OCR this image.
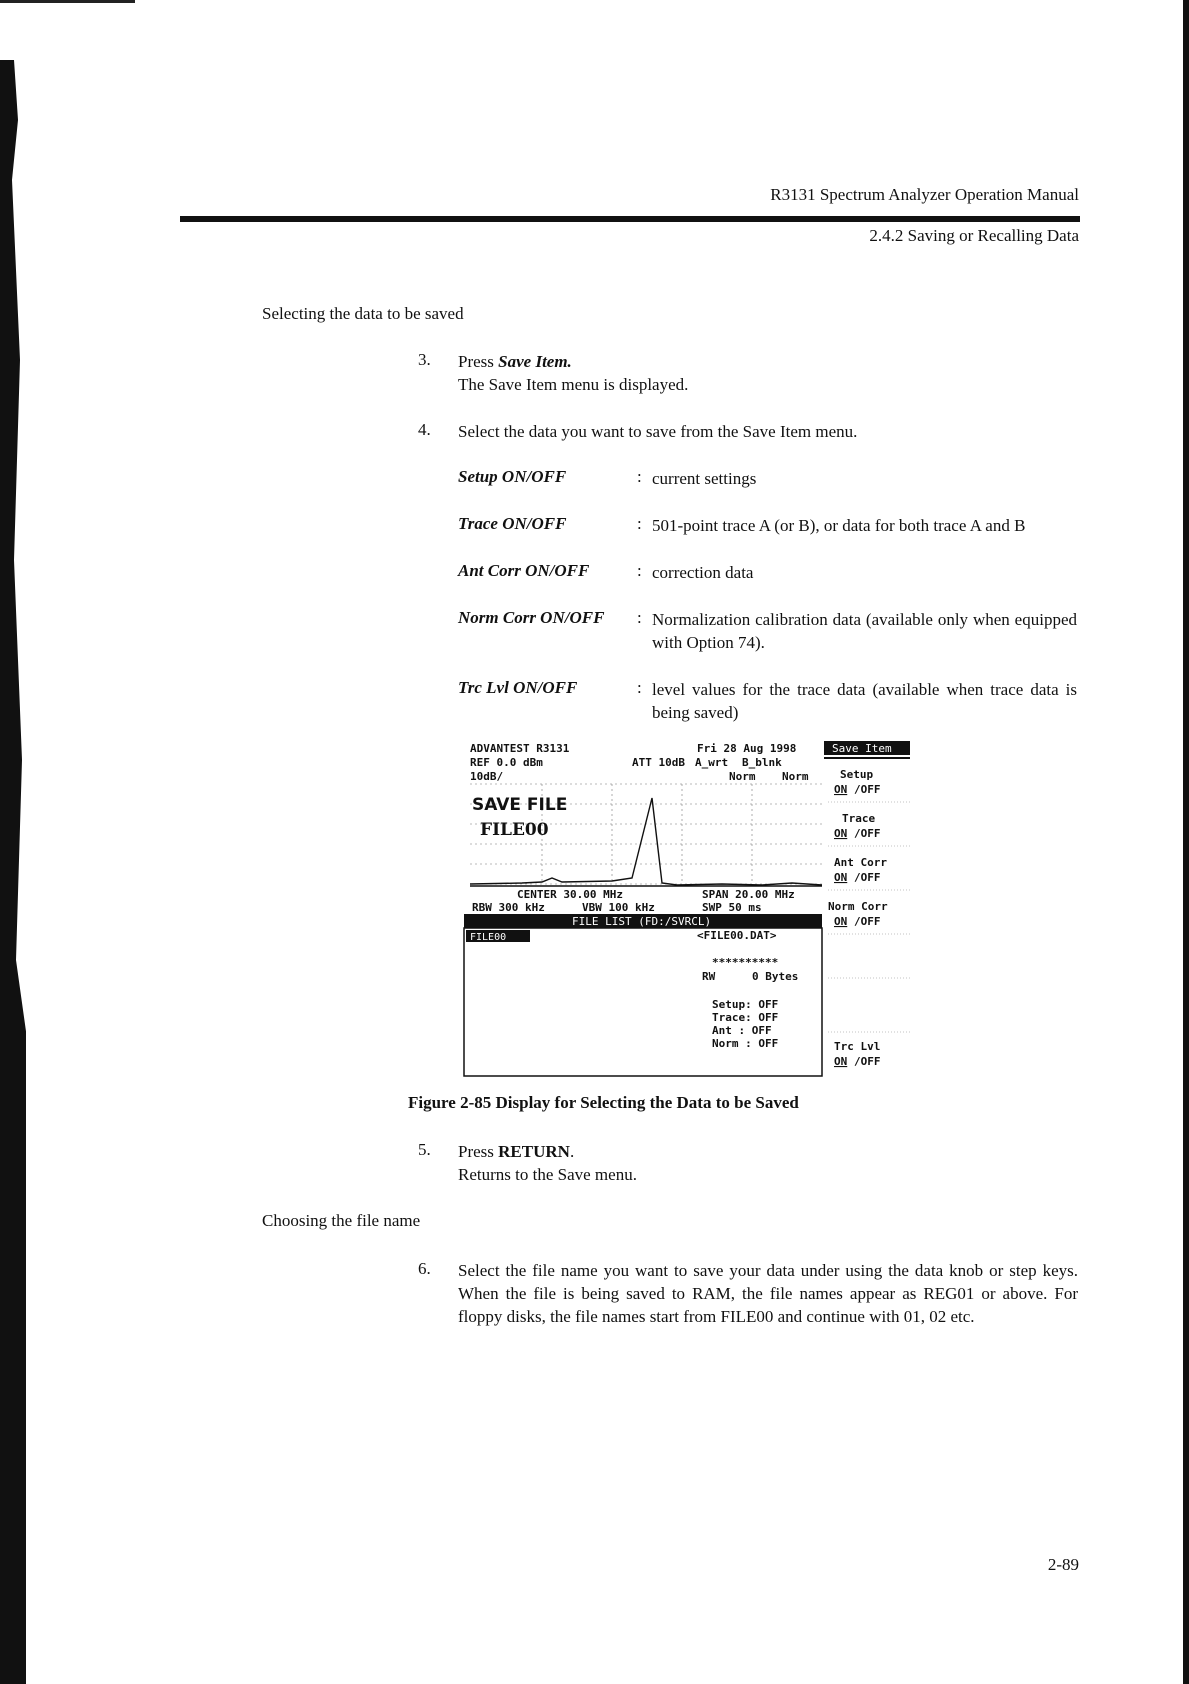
R3131 Spectrum Analyzer Operation Manual
2.4.2 Saving or Recalling Data
Selecting the data to be saved
3. Press Save Item.
The Save Item menu is displayed.
4. Select the data you want to save from the Save Item menu.
Setup ON/OFF	: current settings
Trace ON/OFF	: 501-point trace A (or B), or data for both trace A and B
Ant Corr ON/OFF	: correction data
Norm Corr ON/OFF : Normalization calibration data (available only when equipped with Option 74).
Trc Lvl ON/OFF	: level values for the trace data (available when trace data is being saved)
ADVANTEST R3131	Fri 28 Aug 1998
REF 0.0 dBm	ATT 10dB A_wrt B_blnk
10dB/	Norm Norm
SAVE FILE
FILE00
CENTER 30.00 MHz	SPAN 20.00 MHz
RBW 300 kHz	VBW 100 kHz	SWP 50 ms
FILE LIST (FD:/SVRCL)
FILE00	<FILE00.DAT>
**********
RW	0 Bytes
Setup: OFF
Trace: OFF
Ant : OFF
Norm : OFF
Save Item
Setup
ON /OFF
Trace
ON /OFF
Ant Corr
ON /OFF
Norm Corr
ON /OFF
Trc Lvl
ON /OFF
Figure 2-85 Display for Selecting the Data to be Saved
5. Press RETURN.
Returns to the Save menu.
Choosing the file name
6. Select the file name you want to save your data under using the data knob or step keys. When the file is being saved to RAM, the file names appear as REG01 or above. For floppy disks, the file names start from FILE00 and continue with 01, 02 etc.
2-89
